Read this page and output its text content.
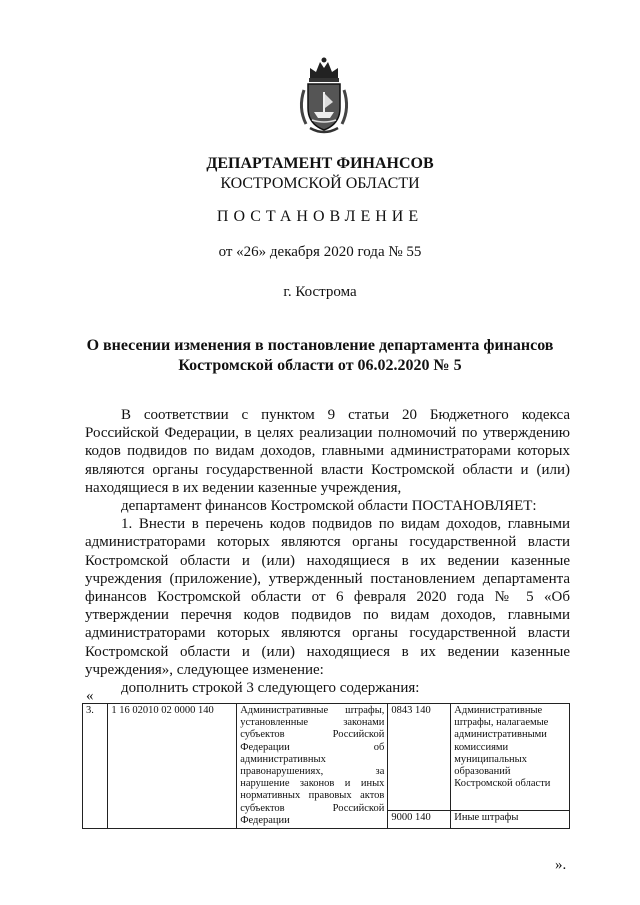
ДЕПАРТАМЕНТ ФИНАНСОВ
КОСТРОМСКОЙ ОБЛАСТИ
ПОСТАНОВЛЕНИЕ
от «26» декабря 2020 года № 55
г. Кострома
О внесении изменения в постановление департамента финансов
Костромской области от 06.02.2020 № 5

В соответствии с пунктом 9 статьи 20 Бюджетного кодекса Российской Федерации, в целях реализации полномочий по утверждению кодов подвидов по видам доходов, главными администраторами которых являются органы государственной власти Костромской области и (или) находящиеся в их ведении казенные учреждения,

департамент финансов Костромской области ПОСТАНОВЛЯЕТ:

1. Внести в перечень кодов подвидов по видам доходов, главными администраторами которых являются органы государственной власти Костромской области и (или) находящиеся в их ведении казенные учреждения (приложение), утвержденный постановлением департамента финансов Костромской области от 6 февраля 2020 года № 5 «Об утверждении перечня кодов подвидов по видам доходов, главными администраторами которых являются органы государственной власти Костромской области и (или) находящиеся в их ведении казенные учреждения», следующее изменение:

дополнить строкой 3 следующего содержания:

«
3.	1 16 02010 02 0000 140	Административные штрафы, установленные законами субъектов Российской Федерации об административных правонарушениях, за нарушение законов и иных нормативных правовых актов субъектов Российской Федерации	0843 140	Административные штрафы, налагаемые административными комиссиями муниципальных образований Костромской области
			9000 140	Иные штрафы
».
